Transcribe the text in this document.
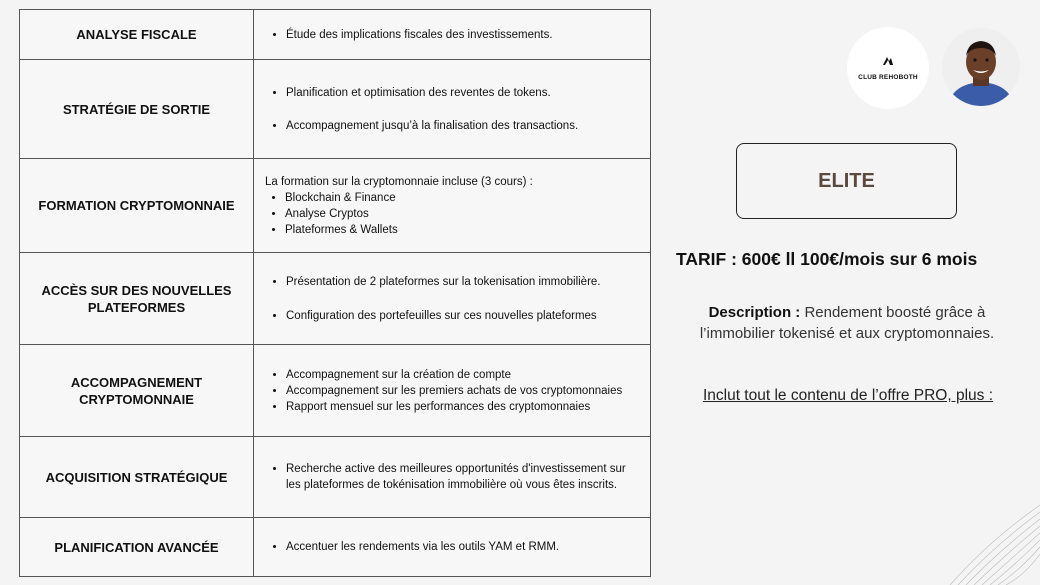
ANALYSE FISCALE	• Étude des implications fiscales des investissements.
STRATÉGIE DE SORTIE
• Planification et optimisation des reventes de tokens.
• Accompagnement jusqu’à la finalisation des transactions.
FORMATION CRYPTOMONNAIE
La formation sur la cryptomonnaie incluse (3 cours) :
• Blockchain & Finance
• Analyse Cryptos
• Plateformes & Wallets
ACCÈS SUR DES NOUVELLES PLATEFORMES
• Présentation de 2 plateformes sur la tokenisation immobilière.
• Configuration des portefeuilles sur ces nouvelles plateformes
ACCOMPAGNEMENT CRYPTOMONNAIE
• Accompagnement sur la création de compte
• Accompagnement sur les premiers achats de vos cryptomonnaies
• Rapport mensuel sur les performances des cryptomonnaies
ACQUISITION STRATÉGIQUE
• Recherche active des meilleures opportunités d'investissement sur les plateformes de tokénisation immobilière où vous êtes inscrits.
PLANIFICATION AVANCÉE	• Accentuer les rendements via les outils YAM et RMM.
CLUB REHOBOTH
ELITE
TARIF : 600€ ll 100€/mois sur 6 mois
Description : Rendement boosté grâce à l’immobilier tokenisé et aux cryptomonnaies.
Inclut tout le contenu de l’offre PRO, plus :
